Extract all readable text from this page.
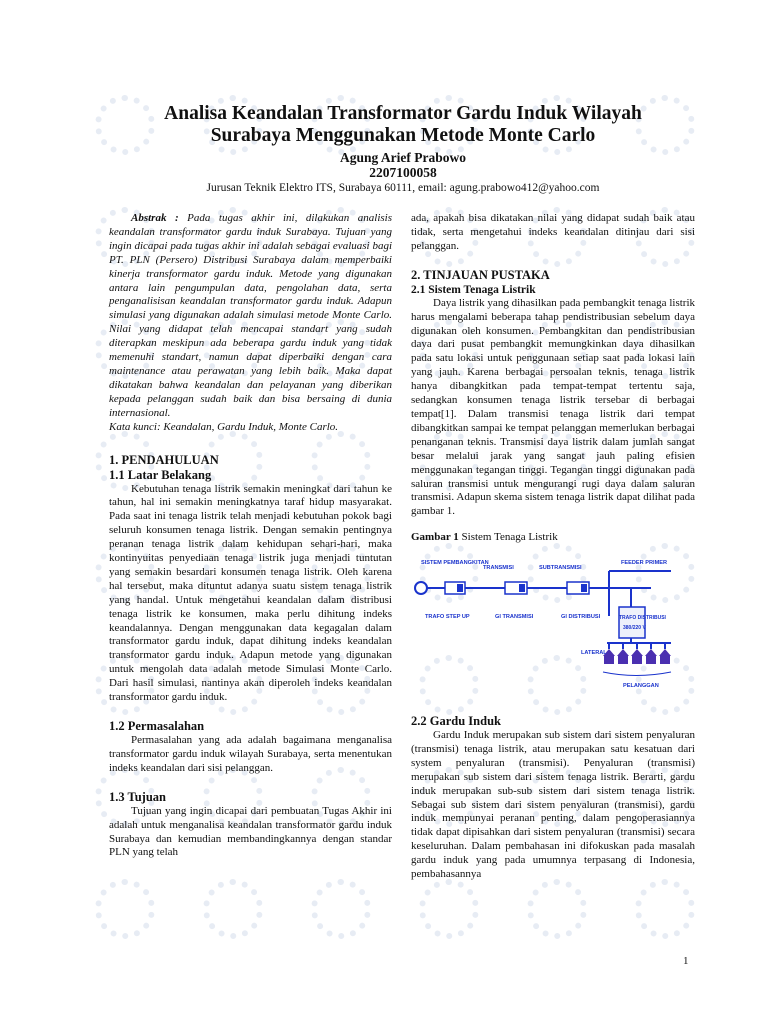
Analisa Keandalan Transformator Gardu Induk Wilayah
Surabaya Menggunakan Metode Monte Carlo
Agung Arief Prabowo
2207100058
Jurusan Teknik Elektro ITS, Surabaya 60111, email: agung.prabowo412@yahoo.com

Abstrak : Pada tugas akhir ini, dilakukan analisis keandalan transformator gardu induk Surabaya. Tujuan yang ingin dicapai pada tugas akhir ini adalah sebagai evaluasi bagi PT. PLN (Persero) Distribusi Surabaya dalam memperbaiki kinerja transformator gardu induk. Metode yang digunakan antara lain pengumpulan data, pengolahan data, serta penganalisisan keandalan transformator gardu induk. Adapun simulasi yang digunakan adalah simulasi metode Monte Carlo. Nilai yang didapat telah mencapai standart yang sudah diterapkan meskipun ada beberapa gardu induk yang tidak memenuhi standart, namun dapat diperbaiki dengan cara maintenance atau perawatan yang lebih baik. Maka dapat dikatakan bahwa keandalan dan pelayanan yang diberikan kepada pelanggan sudah baik dan bisa bersaing di dunia internasional.

Kata kunci: Keandalan, Gardu Induk, Monte Carlo.

1. PENDAHULUAN
1.1 Latar Belakang

Kebutuhan tenaga listrik semakin meningkat dari tahun ke tahun, hal ini semakin meningkatnya taraf hidup masyarakat. Pada saat ini tenaga listrik telah menjadi kebutuhan pokok bagi seluruh konsumen tenaga listrik. Dengan semakin pentingnya peranan tenaga listrik dalam kehidupan sehari-hari, maka kontinyuitas penyediaan tenaga listrik juga menjadi tuntutan yang semakin besardari konsumen tenaga listrik. Oleh karena hal tersebut, maka dituntut adanya suatu sistem tenaga listrik yang handal. Untuk mengetahui keandalan dalam distribusi tenaga listrik ke konsumen, maka perlu dihitung indeks keandalannya. Dengan menggunakan data kegagalan dalam transformator gardu induk, dapat dihitung indeks keandalan transformator gardu induk. Adapun metode yang digunakan untuk mengolah data adalah metode Simulasi Monte Carlo. Dari hasil simulasi, nantinya akan diperoleh indeks keandalan transformator gardu induk.

1.2 Permasalahan

Permasalahan yang ada adalah bagaimana menganalisa transformator gardu induk wilayah Surabaya, serta menentukan indeks keandalan dari sisi pelanggan.

1.3 Tujuan

Tujuan yang ingin dicapai dari pembuatan Tugas Akhir ini adalah untuk menganalisa keandalan transformator gardu induk Surabaya dan kemudian membandingkannya dengan standar PLN yang telah

ada, apakah bisa dikatakan nilai yang didapat sudah baik atau tidak, serta mengetahui indeks keandalan ditinjau dari sisi pelanggan.

2. TINJAUAN PUSTAKA
2.1 Sistem Tenaga Listrik

Daya listrik yang dihasilkan pada pembangkit tenaga listrik harus mengalami beberapa tahap pendistribusian sebelum daya digunakan oleh konsumen. Pembangkitan dan pendistribusian daya dari pusat pembangkit memungkinkan daya dihasilkan pada satu lokasi untuk penggunaan setiap saat pada lokasi lain yang jauh. Karena berbagai persoalan teknis, tenaga listrik hanya dibangkitkan pada tempat-tempat tertentu saja, sedangkan konsumen tenaga listrik tersebar di berbagai tempat[1]. Dalam transmisi tenaga listrik dari tempat dibangkitkan sampai ke tempat pelanggan memerlukan berbagai penanganan teknis. Transmisi daya listrik dalam jumlah sangat besar melalui jarak yang sangat jauh paling efisien menggunakan tegangan tinggi. Tegangan tinggi digunakan pada saluran transmisi untuk mengurangi rugi daya dalam saluran transmisi. Adapun skema sistem tenaga listrik dapat dilihat pada gambar 1.

Gambar 1 Sistem Tenaga Listrik
SISTEM PEMBANGKITAN
TRANSMISI	SUBTRANSMISI
FEEDER PRIMER
TRAFO STEP UP	GI TRANSMISI	GI DISTRIBUSI	TRAFO DISTRIBUSI
380/220 V
LATERAL
PELANGGAN
2.2 Gardu Induk

Gardu Induk merupakan sub sistem dari sistem penyaluran (transmisi) tenaga listrik, atau merupakan satu kesatuan dari system penyaluran (transmisi). Penyaluran (transmisi) merupakan sub sistem dari sistem tenaga listrik. Berarti, gardu induk merupakan sub-sub sistem dari sistem tenaga listrik. Sebagai sub sistem dari sistem penyaluran (transmisi), gardu induk mempunyai peranan penting, dalam pengoperasiannya tidak dapat dipisahkan dari sistem penyaluran (transmisi) secara keseluruhan. Dalam pembahasan ini difokuskan pada masalah gardu induk yang pada umumnya terpasang di Indonesia, pembahasannya

1
